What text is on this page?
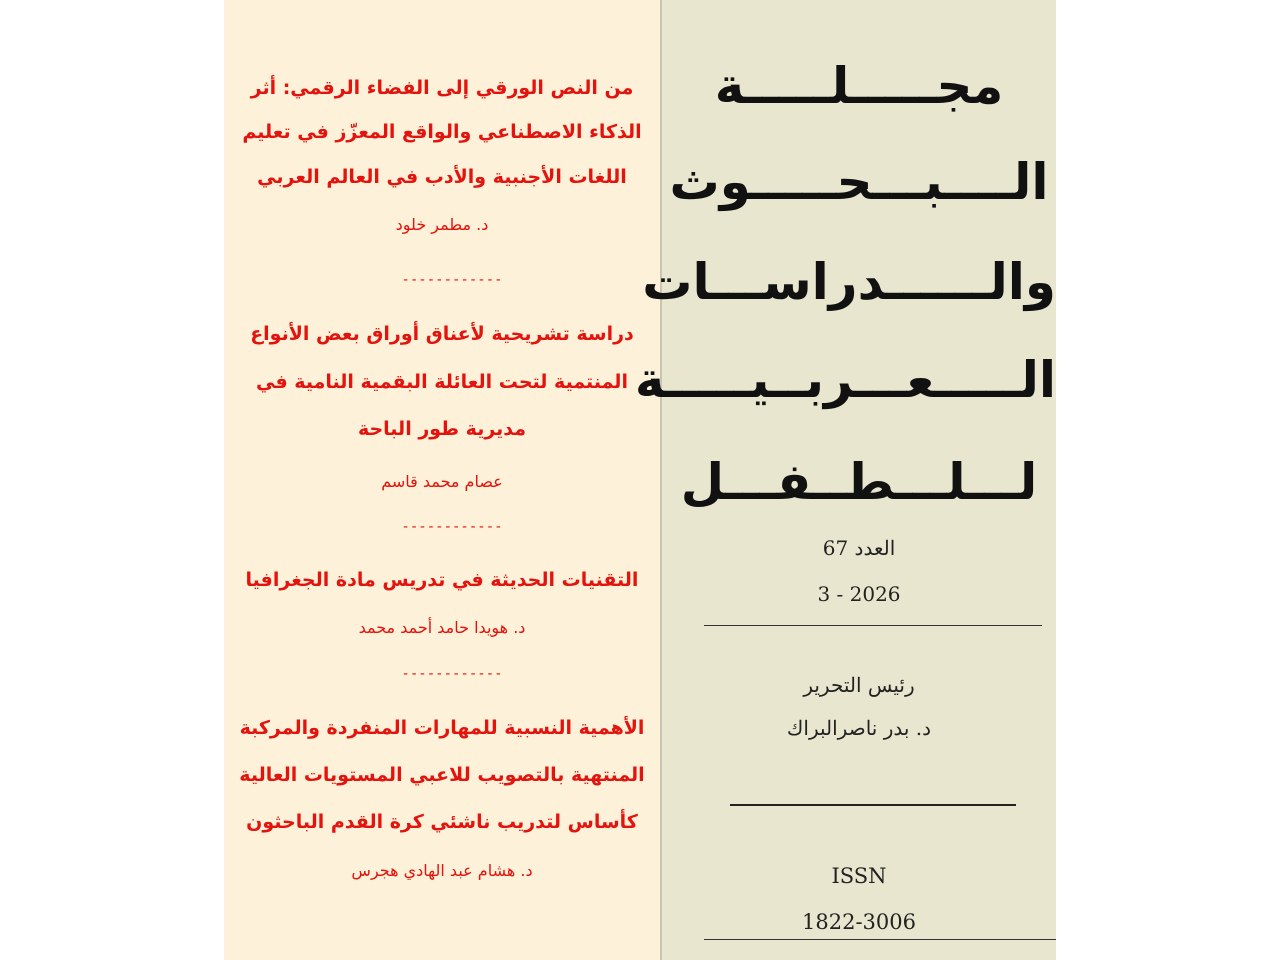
من النص الورقي إلى الفضاء الرقمي: أثر
الذكاء الاصطناعي والواقع المعزّز في تعليم
اللغات الأجنبية والأدب في العالم العربي
د. مطمر خلود
------------
دراسة تشريحية لأعناق أوراق بعض الأنواع
المنتمية لتحت العائلة البقمية النامية في
مديرية طور الباحة
عصام محمد قاسم
------------
التقنيات الحديثة في تدريس مادة الجغرافيا
د. هويدا حامد أحمد محمد
------------
الأهمية النسبية للمهارات المنفردة والمركبة
المنتهية بالتصويب للاعبي المستويات العالية
كأساس لتدريب ناشئي كرة القدم الباحثون
د. هشام عبد الهادي هجرس
مجـــــلـــــة
الــــبـــحـــــوث
والــــــدراســـات
الـــــعـــربــيـــــة
لـــلـــطــفـــل
العدد 67
3 - 2026
رئيس التحرير
د. بدر ناصرالبراك
ISSN
1822-3006
